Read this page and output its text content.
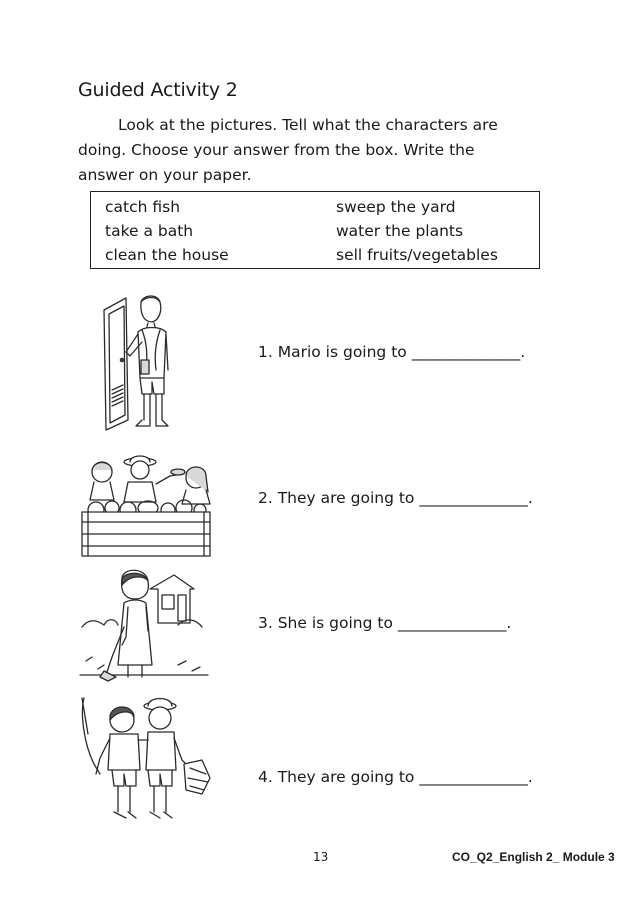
Guided Activity 2
Look at the pictures. Tell what the characters are
doing. Choose your answer from the box. Write the
answer on your paper.
catch fish	sweep the yard
take a bath	water the plants
clean the house	sell fruits/vegetables
1. Mario is going to ______________.
2. They are going to ______________.
3. She is going to ______________.
4. They are going to ______________.
13	CO_Q2_English 2_ Module 3
